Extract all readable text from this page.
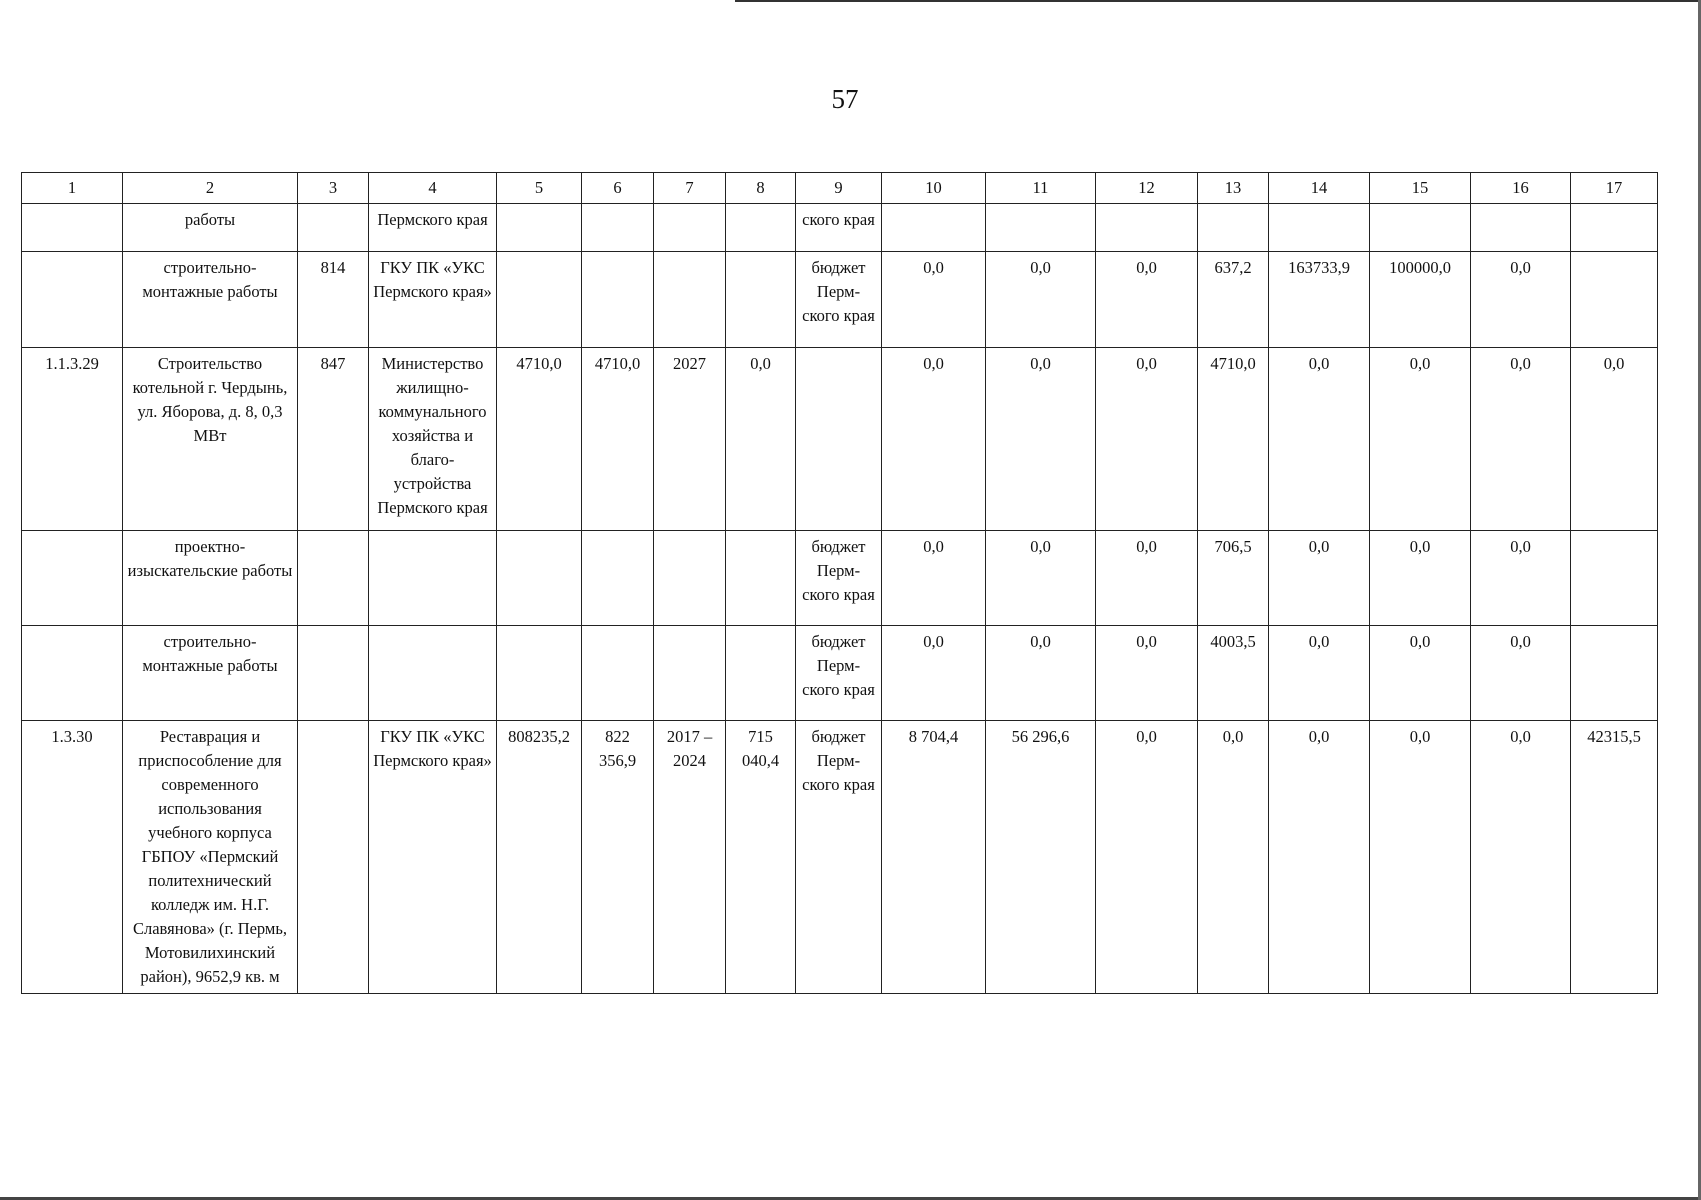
57
1	2	3	4	5	6	7	8	9	10	11	12	13	14	15	16	17
	работы		Пермского края					ского края								
	строительно-монтажные работы	814	ГКУ ПК «УКС Пермского края»					бюджет Перм-ского края	0,0	0,0	0,0	637,2	163733,9	100000,0	0,0	
1.1.3.29	Строительство котельной г. Чердынь, ул. Яборова, д. 8, 0,3 МВт	847	Министерство жилищно-коммунального хозяйства и благо-устройства Пермского края	4710,0	4710,0	2027	0,0		0,0	0,0	0,0	4710,0	0,0	0,0	0,0	0,0
	проектно-изыскательские работы							бюджет Перм-ского края	0,0	0,0	0,0	706,5	0,0	0,0	0,0	
	строительно-монтажные работы							бюджет Перм-ского края	0,0	0,0	0,0	4003,5	0,0	0,0	0,0	
1.3.30	Реставрация и приспособление для современного использования учебного корпуса ГБПОУ «Пермский политехнический колледж им. Н.Г. Славянова» (г. Пермь, Мотовилихинский район), 9652,9 кв. м		ГКУ ПК «УКС Пермского края»	808235,2	822 356,9	2017 – 2024	715 040,4	бюджет Перм-ского края	8 704,4	56 296,6	0,0	0,0	0,0	0,0	0,0	42315,5
